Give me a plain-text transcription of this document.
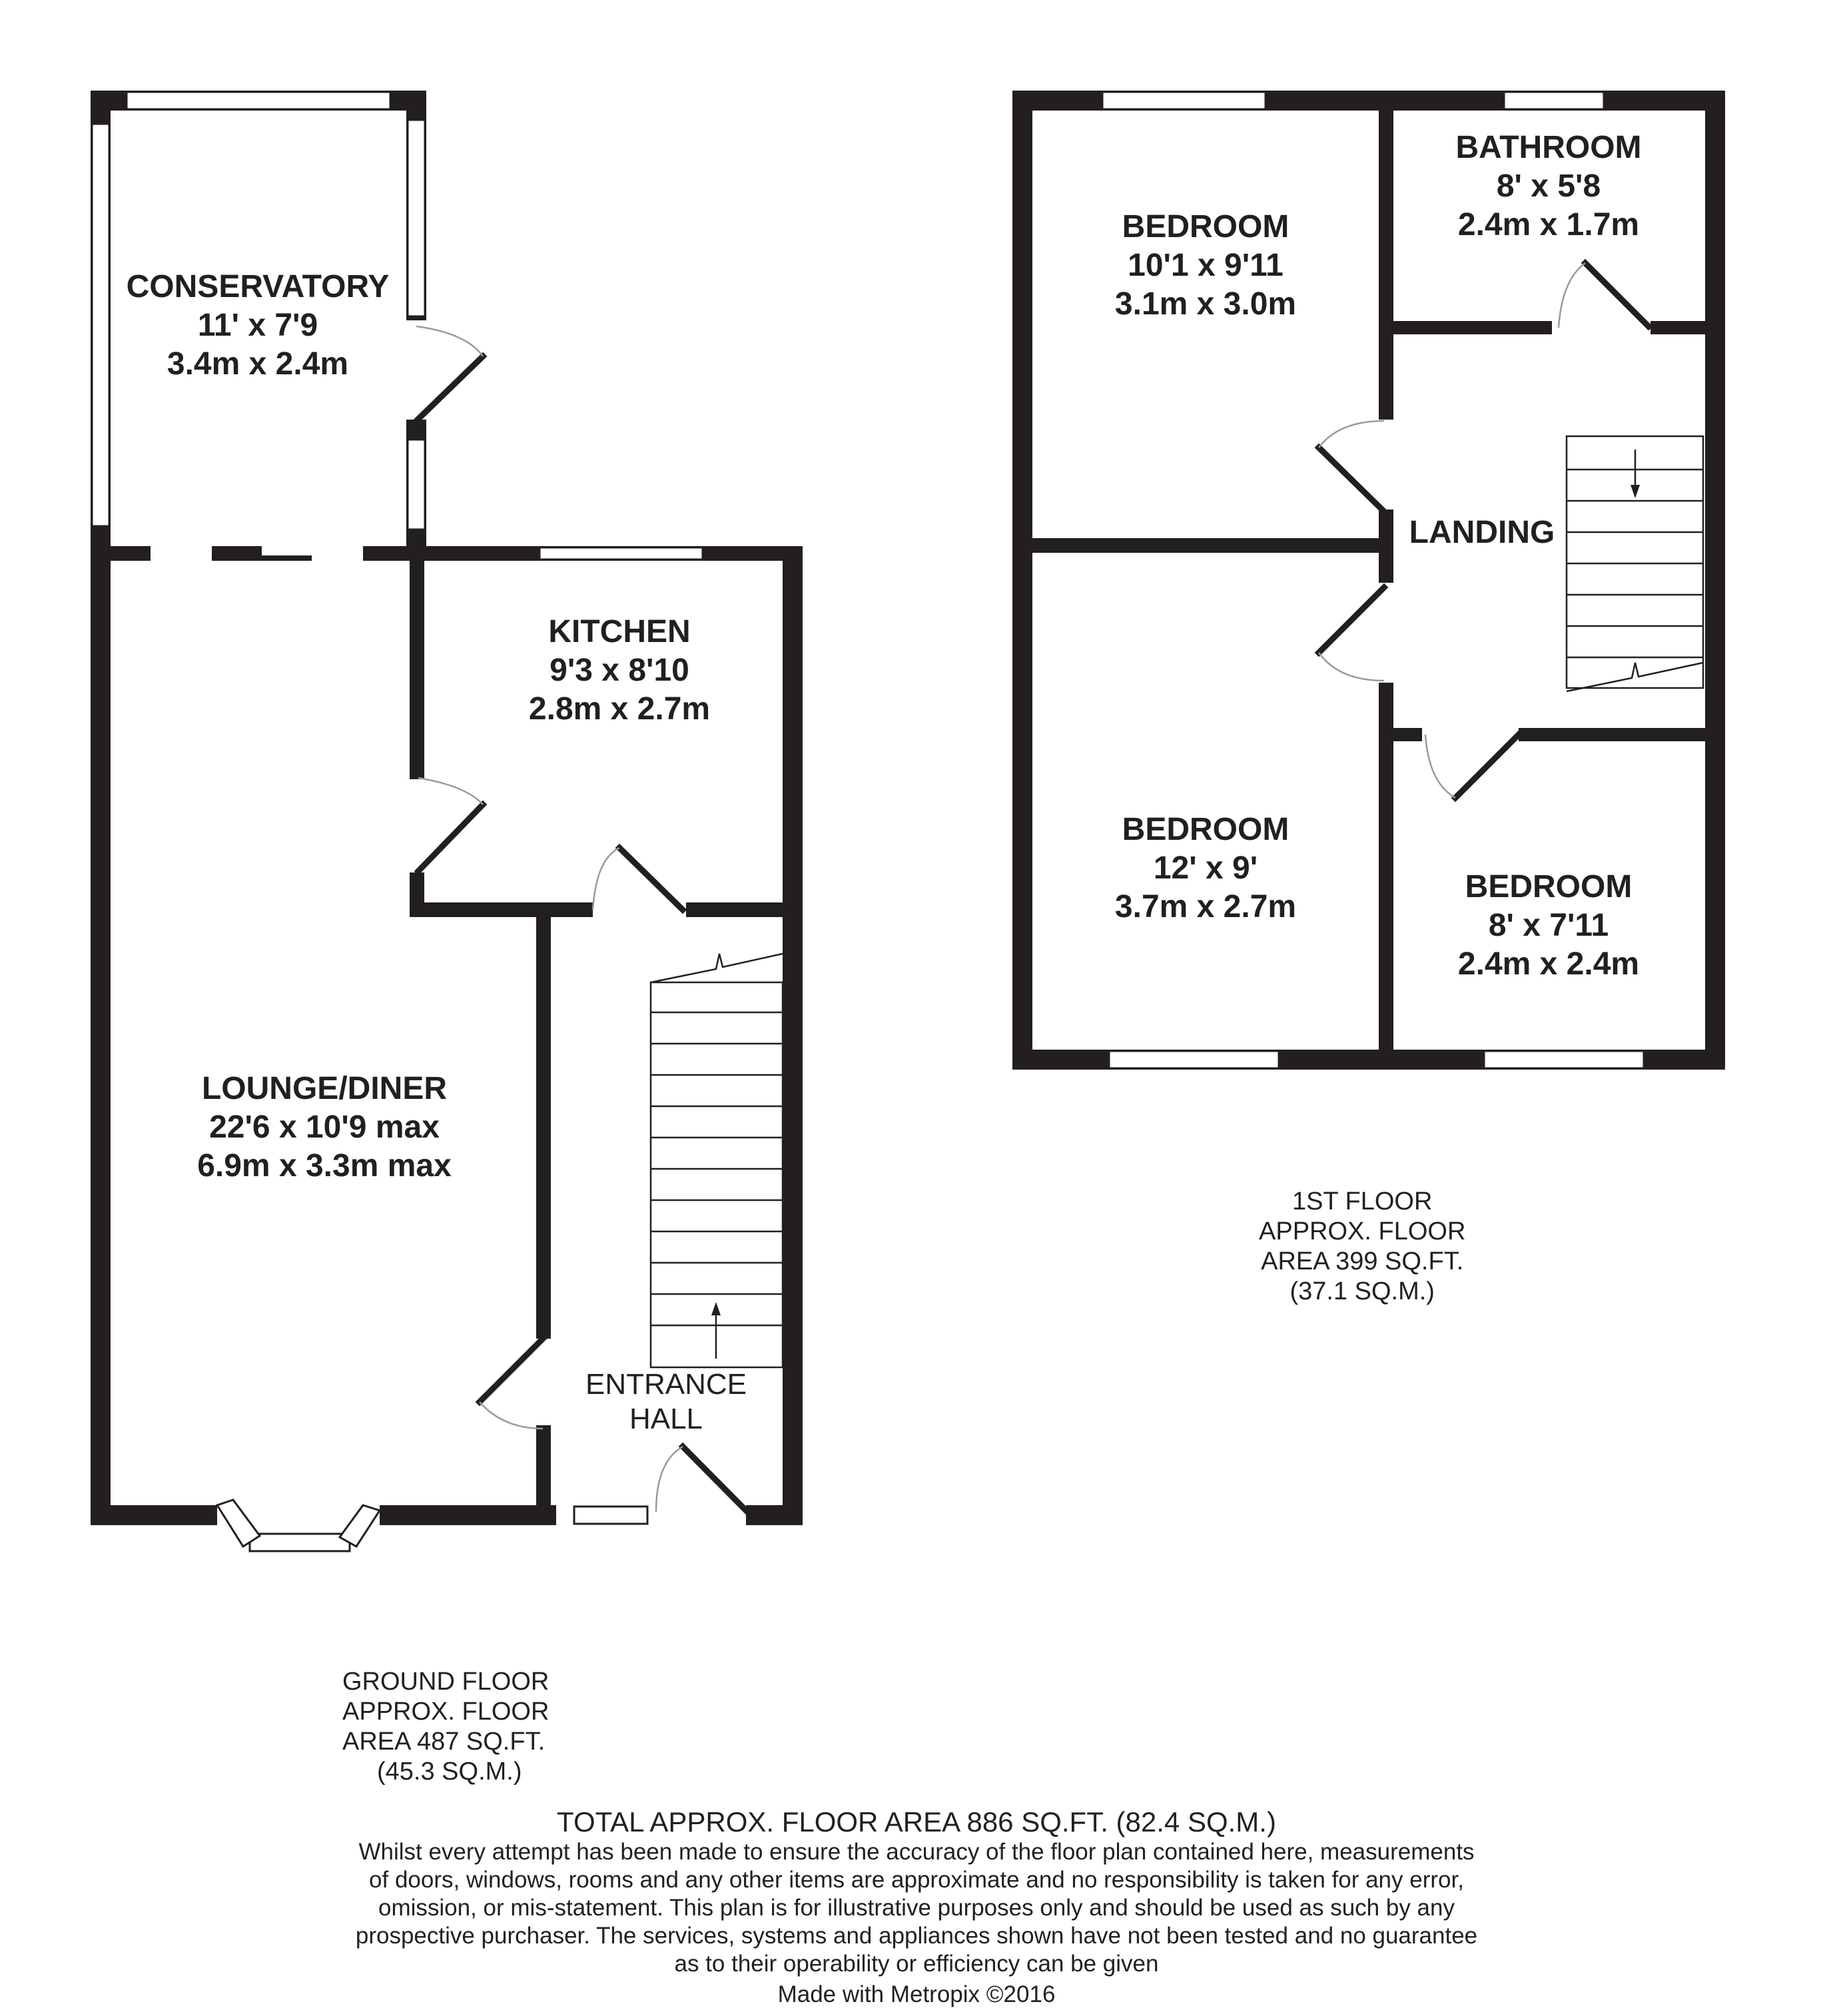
CONSERVATORY
11' x 7'9
3.4m x 2.4m
KITCHEN
9'3 x 8'10
2.8m x 2.7m
LOUNGE/DINER
22'6 x 10'9 max
6.9m x 3.3m max
ENTRANCE
HALL
BEDROOM
10'1 x 9'11
3.1m x 3.0m
BATHROOM
8' x 5'8
2.4m x 1.7m
LANDING
BEDROOM
12' x 9'
3.7m x 2.7m
BEDROOM
8' x 7'11
2.4m x 2.4m
1ST FLOOR
APPROX. FLOOR
AREA 399 SQ.FT.
(37.1 SQ.M.)
GROUND FLOOR
APPROX. FLOOR
AREA 487 SQ.FT.
(45.3 SQ.M.)
TOTAL APPROX. FLOOR AREA 886 SQ.FT. (82.4 SQ.M.)
Whilst every attempt has been made to ensure the accuracy of the floor plan contained here, measurements
of doors, windows, rooms and any other items are approximate and no responsibility is taken for any error,
omission, or mis-statement. This plan is for illustrative purposes only and should be used as such by any
prospective purchaser. The services, systems and appliances shown have not been tested and no guarantee
as to their operability or efficiency can be given
Made with Metropix ©2016
